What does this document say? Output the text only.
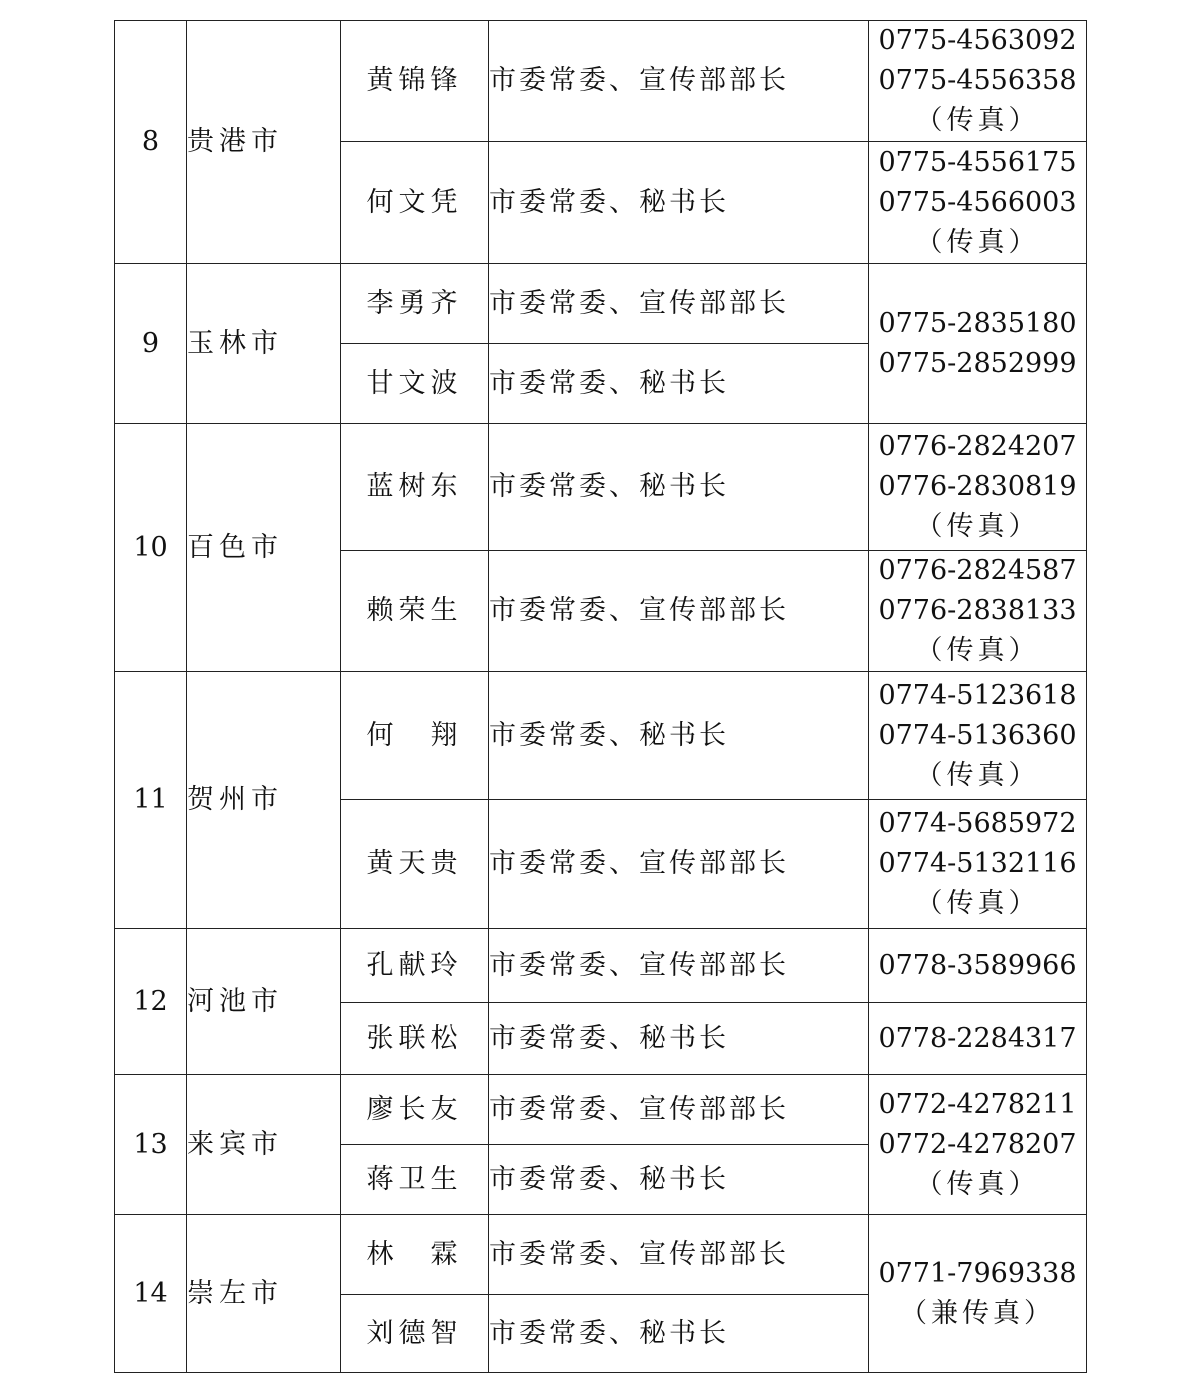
8	贵港市	黄锦锋	市委常委、宣传部部长	0775-4563092
0775-4556358
（传真）

		何文凭	市委常委、秘书长	0775-4556175
0775-4566003
（传真）

9	玉林市	李勇齐	市委常委、宣传部部长	0775-2835180
0775-2852999

		甘文波	市委常委、秘书长	
10	百色市	蓝树东	市委常委、秘书长	0776-2824207
0776-2830819
（传真）

		赖荣生	市委常委、宣传部部长	0776-2824587
0776-2838133
（传真）

11	贺州市	何　翔	市委常委、秘书长	0774-5123618
0774-5136360
（传真）

		黄天贵	市委常委、宣传部部长	0774-5685972
0774-5132116
（传真）

12	河池市	孔献玲	市委常委、宣传部部长	0778-3589966

		张联松	市委常委、秘书长	0778-2284317

13	来宾市	廖长友	市委常委、宣传部部长	0772-4278211
0772-4278207
（传真）

		蒋卫生	市委常委、秘书长	
14	崇左市	林　霖	市委常委、宣传部部长	0771-7969338
（兼传真）

		刘德智	市委常委、秘书长	
